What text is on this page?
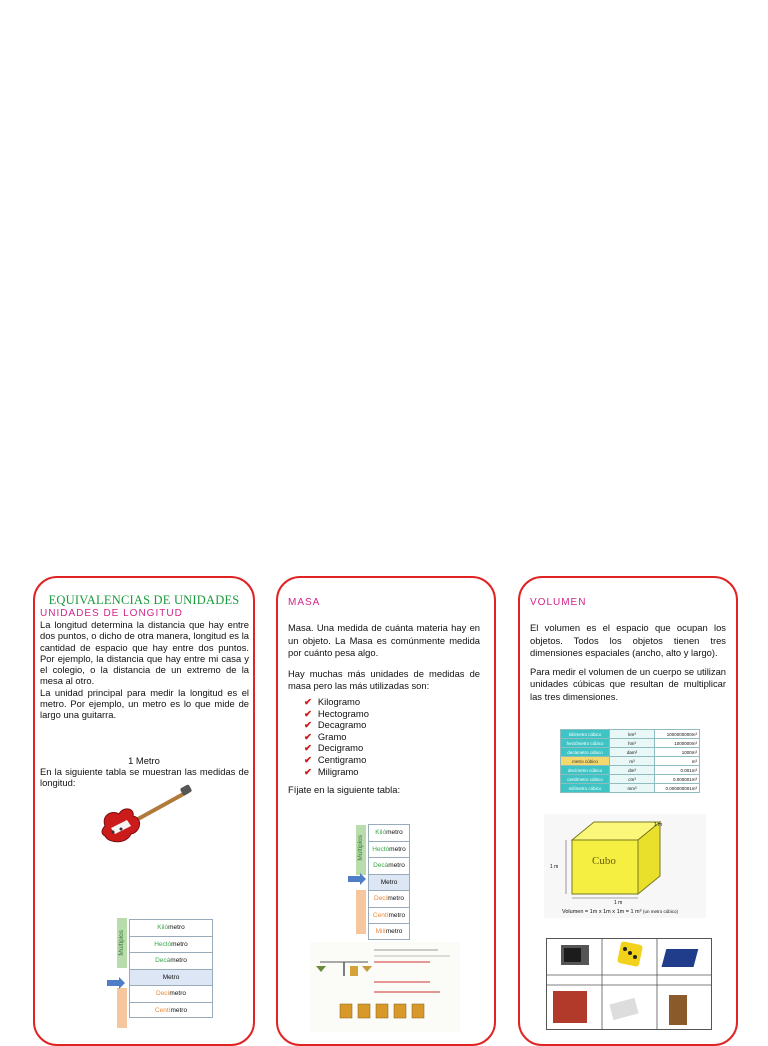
EQUIVALENCIAS DE UNIDADES
UNIDADES DE LONGITUD
La longitud determina la distancia que hay entre dos puntos, o dicho de otra manera, longitud es la cantidad de espacio que hay entre dos puntos. Por ejemplo, la distancia que hay entre mi casa y el colegio, o la distancia de un extremo de la mesa al otro.
La unidad principal para medir la longitud es el metro. Por ejemplo, un metro es lo que mide de largo una guitarra.
1 Metro
En la siguiente tabla se muestran las medidas de longitud:
Múltiplos
Kilómetro
Hectómetro
Decámetro
Metro
Decímetro
Centímetro
MASA
Masa. Una medida de cuánta materia hay en un objeto. La Masa es comúnmente medida por cuánto pesa algo.
Hay muchas más unidades de medidas de masa pero las más utilizadas son:
✔ Kilogramo
✔ Hectogramo
✔ Decagramo
✔ Gramo
✔ Decigramo
✔ Centigramo
✔ Miligramo
Fíjate en la siguiente tabla:
Múltiplos
Kilómetro
Hectómetro
Decámetro
Metro
Decímetro
Centímetro
Milímetro
VOLUMEN
El volumen es el espacio que ocupan los objetos. Todos los objetos tienen tres dimensiones espaciales (ancho, alto y largo).
Para medir el volumen de un cuerpo se utilizan unidades cúbicas que resultan de multiplicar las tres dimensiones.
kilómetro cúbico	km³	1000000000m³
hectómetro cúbico	hm³	1000000m³
decámetro cúbico	dam³	1000m³
metro cúbico	m³	m³
decímetro cúbico	dm³	0.001m³
centímetro cúbico	cm³	0.000001m³
milímetro cúbico	mm³	0.000000001m³
Cubo
1 m
1 m
1 m
Volumen = 1m x 1m x 1m = 1 m³ (un metro cúbico)
